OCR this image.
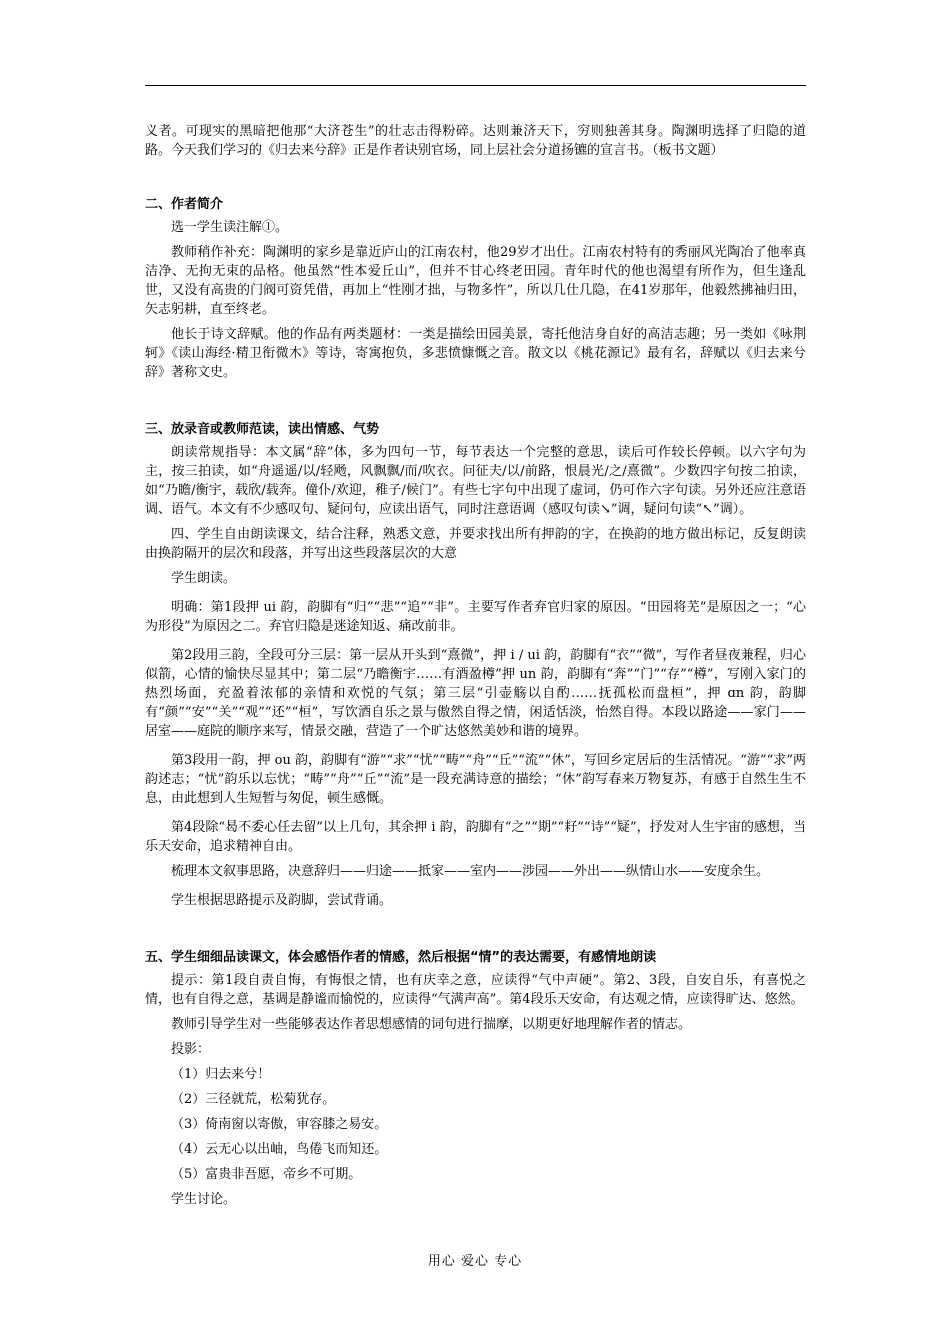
义者。可现实的黑暗把他那“大济苍生”的壮志击得粉碎。达则兼济天下，穷则独善其身。陶渊明选择了归隐的道路。今天我们学习的《归去来兮辞》正是作者诀别官场，同上层社会分道扬镳的宣言书。（板书文题）

二、作者简介

选一学生读注解①。

教师稍作补充：陶渊明的家乡是靠近庐山的江南农村，他29岁才出仕。江南农村特有的秀丽风光陶冶了他率真洁净、无拘无束的品格。他虽然“性本爱丘山”，但并不甘心终老田园。青年时代的他也渴望有所作为，但生逢乱世，又没有高贵的门阀可资凭借，再加上“性刚才拙，与物多忤”，所以几仕几隐，在41岁那年，他毅然拂袖归田，矢志躬耕，直至终老。

他长于诗文辞赋。他的作品有两类题材：一类是描绘田园美景，寄托他洁身自好的高洁志趣；另一类如《咏荆轲》《读山海经·精卫衔微木》等诗，寄寓抱负，多悲愤慷慨之音。散文以《桃花源记》最有名，辞赋以《归去来兮辞》著称文史。

三、放录音或教师范读，读出情感、气势

朗读常规指导：本文属“辞”体，多为四句一节，每节表达一个完整的意思，读后可作较长停顿。以六字句为主，按三拍读，如“舟遥遥/以/轻飏，风飘飘/而/吹衣。问征夫/以/前路，恨晨光/之/熹微”。少数四字句按二拍读，如“乃瞻/衡宇，载欣/载奔。僮仆/欢迎，稚子/候门”。有些七字句中出现了虚词，仍可作六字句读。另外还应注意语调、语气。本文有不少感叹句、疑问句，应读出语气，同时注意语调（感叹句读↘”调，疑问句读“↖”调）。

四、学生自由朗读课文，结合注释，熟悉文意，并要求找出所有押韵的字，在换韵的地方做出标记，反复朗读由换韵隔开的层次和段落，并写出这些段落层次的大意

学生朗读。

明确：第1段押 ui 韵，韵脚有“归”“悲”“追”“非”。主要写作者弃官归家的原因。“田园将芜”是原因之一；“心为形役”为原因之二。弃官归隐是迷途知返、痛改前非。

第2段用三韵，全段可分三层：第一层从开头到“熹微”，押 i / ui 韵，韵脚有“衣”“微”，写作者昼夜兼程，归心似箭，心情的愉快尽显其中；第二层“乃瞻衡宇……有酒盈樽”押 un 韵，韵脚有“奔”“门”“存”“樽”，写刚入家门的热烈场面，充盈着浓郁的亲情和欢悦的气氛；第三层“引壶觞以自酌……抚孤松而盘桓”，押 ɑn 韵，韵脚有“颜”“安”“关”“观”“还”“桓”，写饮酒自乐之景与傲然自得之情，闲适恬淡，怡然自得。本段以路途——家门——居室——庭院的顺序来写，情景交融，营造了一个旷达悠然美妙和谐的境界。

第3段用一韵，押 ou 韵，韵脚有“游”“求”“忧”“畴”“舟”“丘”“流”“休”，写回乡定居后的生活情况。“游”“求”两韵述志；“忧”韵乐以忘忧；“畴”“舟”“丘”“流”是一段充满诗意的描绘；“休”韵写春来万物复苏，有感于自然生生不息，由此想到人生短暂与匆促，顿生感慨。

第4段除“曷不委心任去留”以上几句，其余押 i 韵，韵脚有“之”“期”“耔”“诗”“疑”，抒发对人生宇宙的感想，当乐天安命，追求精神自由。

梳理本文叙事思路，决意辞归——归途——抵家——室内——涉园——外出——纵情山水——安度余生。

学生根据思路提示及韵脚，尝试背诵。

五、学生细细品读课文，体会感悟作者的情感，然后根据“情”的表达需要，有感情地朗读

提示：第1段自责自悔，有悔恨之情，也有庆幸之意，应读得“气中声硬”。第2、3段，自安自乐，有喜悦之情，也有自得之意，基调是静谧而愉悦的，应读得“气满声高”。第4段乐天安命，有达观之情，应读得旷达、悠然。

教师引导学生对一些能够表达作者思想感情的词句进行揣摩，以期更好地理解作者的情志。

投影：

（1）归去来兮！

（2）三径就荒，松菊犹存。

（3）倚南窗以寄傲，审容膝之易安。

（4）云无心以出岫，鸟倦飞而知还。

（5）富贵非吾愿，帝乡不可期。

学生讨论。

用心 爱心 专心
